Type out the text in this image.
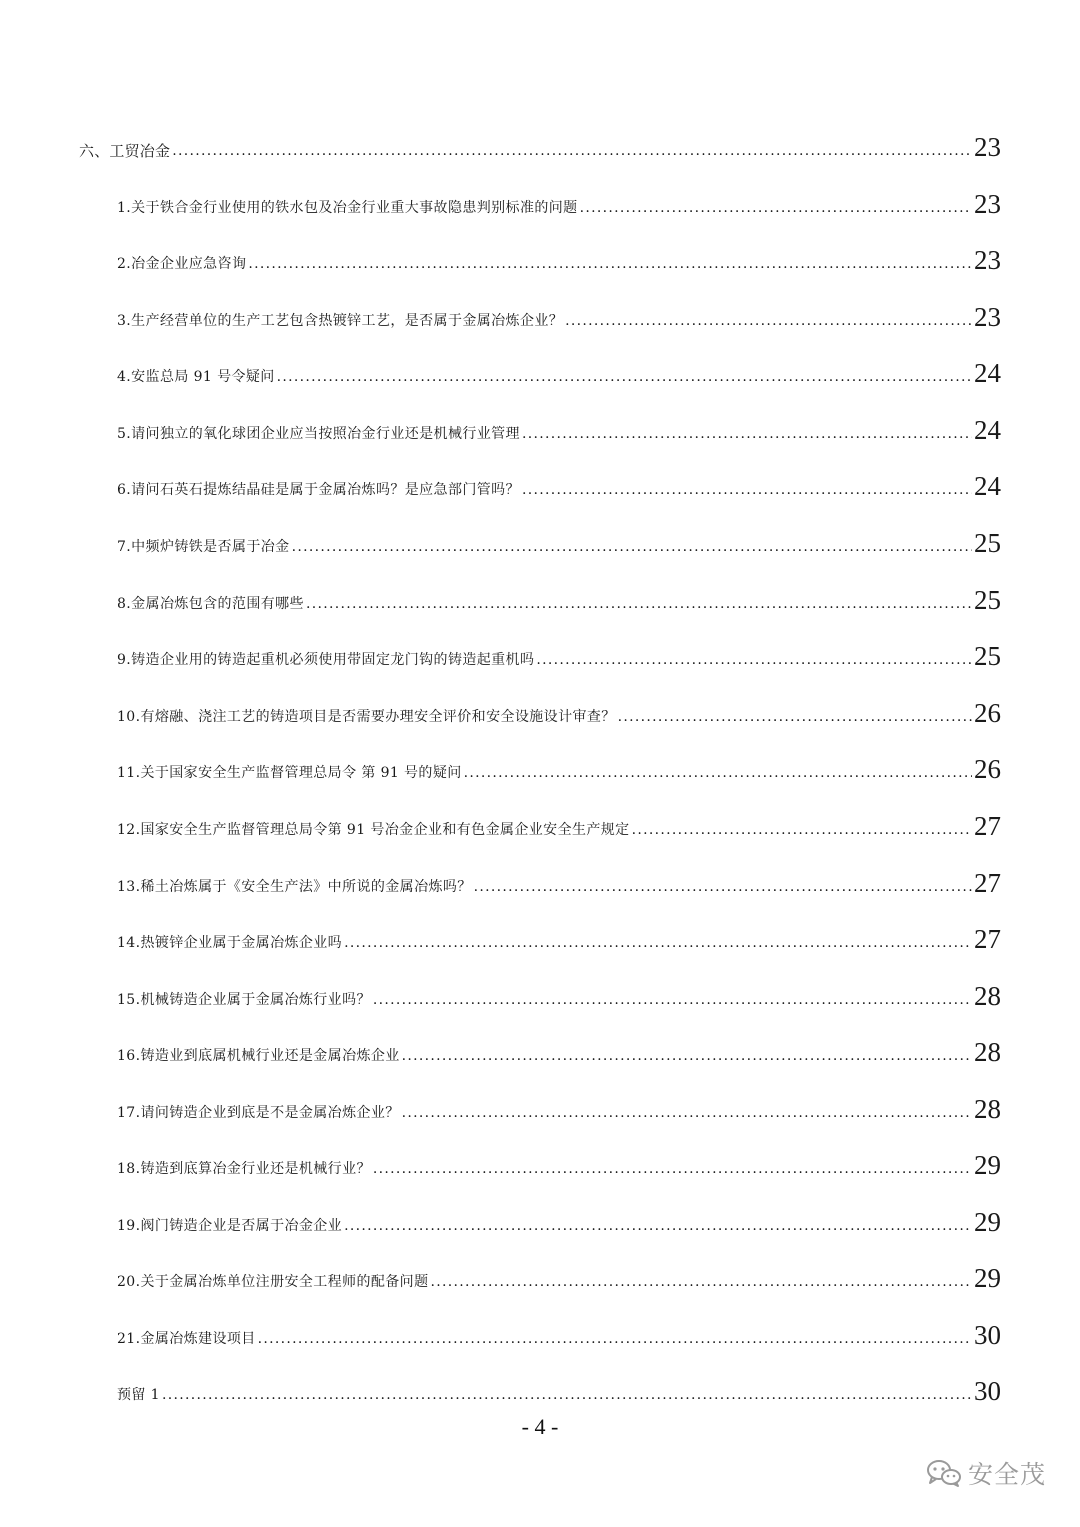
六、工贸冶金 .....	23
1.关于铁合金行业使用的铁水包及冶金行业重大事故隐患判别标准的问题 .....	23
2.冶金企业应急咨询 .....	23
3.生产经营单位的生产工艺包含热镀锌工艺，是否属于金属冶炼企业？ .....	23
4.安监总局 91 号令疑问 .....	24
5.请问独立的氧化球团企业应当按照冶金行业还是机械行业管理 .....	24
6.请问石英石提炼结晶硅是属于金属冶炼吗？是应急部门管吗？ .....	24
7.中频炉铸铁是否属于冶金 .....	25
8.金属冶炼包含的范围有哪些 .....	25
9.铸造企业用的铸造起重机必须使用带固定龙门钩的铸造起重机吗 .....	25
10.有熔融、浇注工艺的铸造项目是否需要办理安全评价和安全设施设计审查？ .....	26
11.关于国家安全生产监督管理总局令 第 91 号的疑问 .....	26
12.国家安全生产监督管理总局令第 91 号冶金企业和有色金属企业安全生产规定 .....	27
13.稀土冶炼属于《安全生产法》中所说的金属冶炼吗？ .....	27
14.热镀锌企业属于金属冶炼企业吗 .....	27
15.机械铸造企业属于金属冶炼行业吗？ .....	28
16.铸造业到底属机械行业还是金属冶炼企业 .....	28
17.请问铸造企业到底是不是金属冶炼企业？ .....	28
18.铸造到底算冶金行业还是机械行业？ .....	29
19.阀门铸造企业是否属于冶金企业 .....	29
20.关于金属冶炼单位注册安全工程师的配备问题 .....	29
21.金属冶炼建设项目 .....	30
预留 1 .....	30
- 4 -
安全茂
